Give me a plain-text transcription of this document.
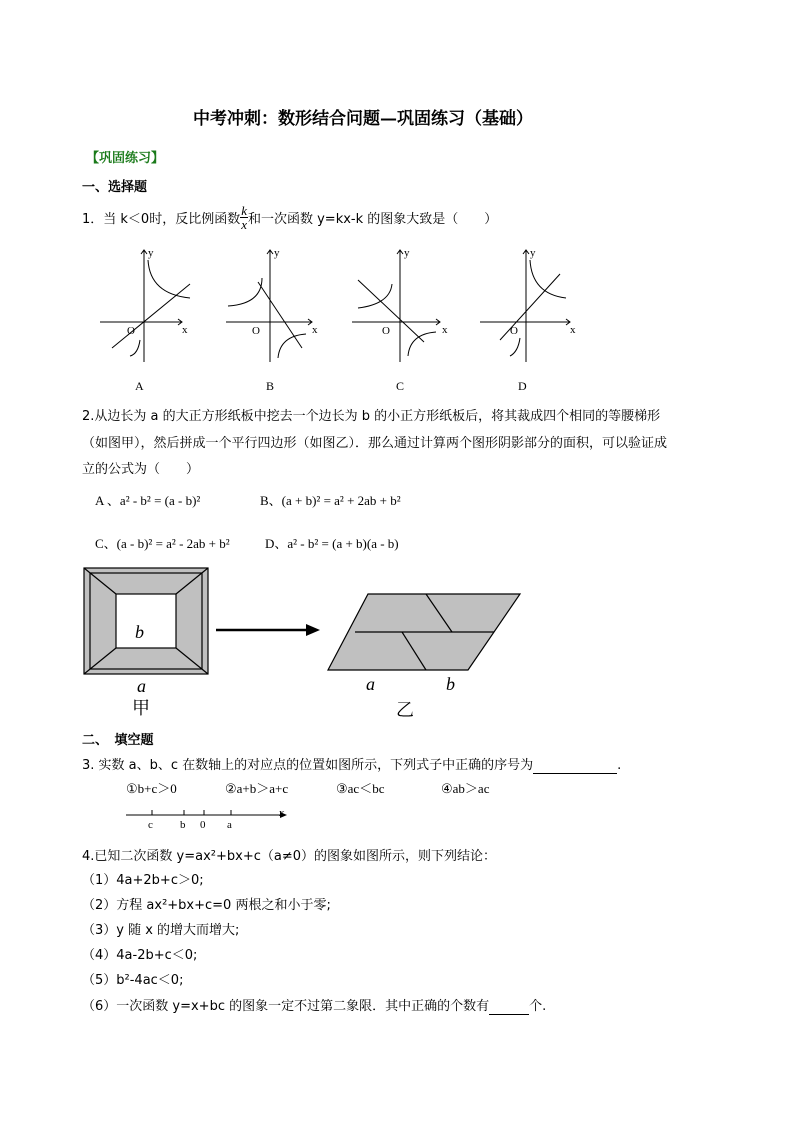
中考冲刺：数形结合问题—巩固练习（基础）
【巩固练习】
一、选择题
1．当 k＜0时，反比例函数 $\frac{k}{x}$ 和一次函数 y=kx-k 的图象大致是（　　）
y
x
O
y
x
O
y
x
O
y
x
O
A	B	C	D
2.从边长为 a 的大正方形纸板中挖去一个边长为 b 的小正方形纸板后，将其裁成四个相同的等腰梯形
（如图甲），然后拼成一个平行四边形（如图乙）．那么通过计算两个图形阴影部分的面积，可以验证成
立的公式为（　　）
A 、a² - b² = (a - b)²	B、(a + b)² = a² + 2ab + b²
C、(a - b)² = a² - 2ab + b²	D、a² - b² = (a + b)(a - b)
b
a
甲
a	b
乙
二、　填空题
3. 实数 a、b、c 在数轴上的对应点的位置如图所示，下列式子中正确的序号为	.
①b+c＞0	②a+b＞a+c	③ac＜bc	④ab＞ac
c b 0 a
x
4.已知二次函数 y=ax²+bx+c（a≠0）的图象如图所示，则下列结论：
（1）4a+2b+c＞0;
（2）方程 ax²+bx+c=0 两根之和小于零;
（3）y 随 x 的增大而增大;
（4）4a-2b+c＜0;
（5）b²-4ac＜0;
（6）一次函数 y=x+bc 的图象一定不过第二象限．其中正确的个数有	个.
